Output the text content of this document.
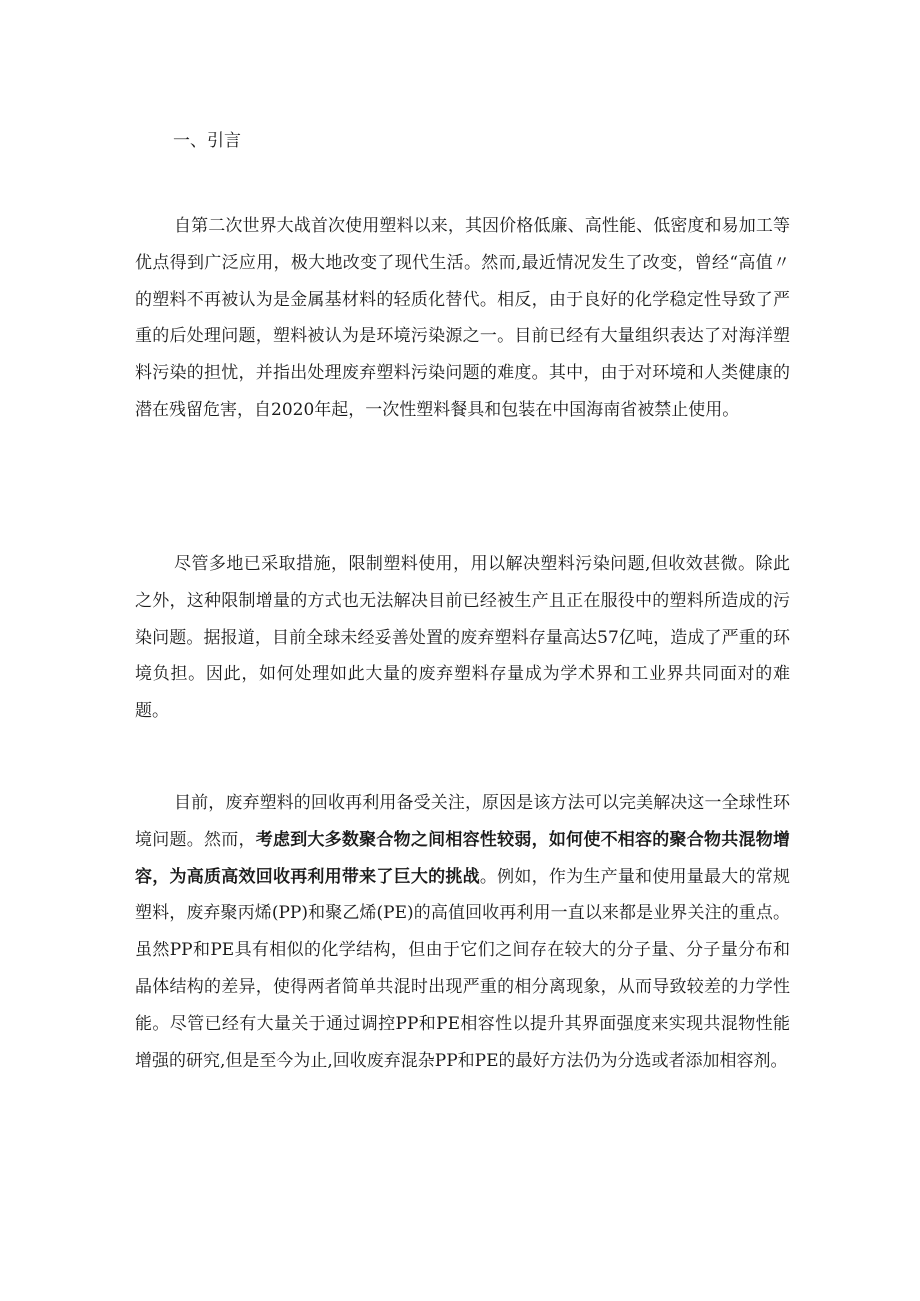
一、引言

自第二次世界大战首次使用塑料以来，其因价格低廉、高性能、低密度和易加工等优点得到广泛应用，极大地改变了现代生活。然而,最近情况发生了改变，曾经“高值〃的塑料不再被认为是金属基材料的轻质化替代。相反，由于良好的化学稳定性导致了严重的后处理问题，塑料被认为是环境污染源之一。目前已经有大量组织表达了对海洋塑料污染的担忧，并指出处理废弃塑料污染问题的难度。其中，由于对环境和人类健康的潜在残留危害，自2020年起，一次性塑料餐具和包装在中国海南省被禁止使用。

尽管多地已采取措施，限制塑料使用，用以解决塑料污染问题,但收效甚微。除此之外，这种限制增量的方式也无法解决目前已经被生产且正在服役中的塑料所造成的污染问题。据报道，目前全球未经妥善处置的废弃塑料存量高达57亿吨，造成了严重的环境负担。因此，如何处理如此大量的废弃塑料存量成为学术界和工业界共同面对的难题。

目前，废弃塑料的回收再利用备受关注，原因是该方法可以完美解决这一全球性环境问题。然而，考虑到大多数聚合物之间相容性较弱，如何使不相容的聚合物共混物增容，为高质高效回收再利用带来了巨大的挑战。例如，作为生产量和使用量最大的常规塑料，废弃聚丙烯(PP)和聚乙烯(PE)的高值回收再利用一直以来都是业界关注的重点。虽然PP和PE具有相似的化学结构，但由于它们之间存在较大的分子量、分子量分布和晶体结构的差异，使得两者简单共混时出现严重的相分离现象，从而导致较差的力学性能。尽管已经有大量关于通过调控PP和PE相容性以提升其界面强度来实现共混物性能增强的研究,但是至今为止,回收废弃混杂PP和PE的最好方法仍为分选或者添加相容剂。
